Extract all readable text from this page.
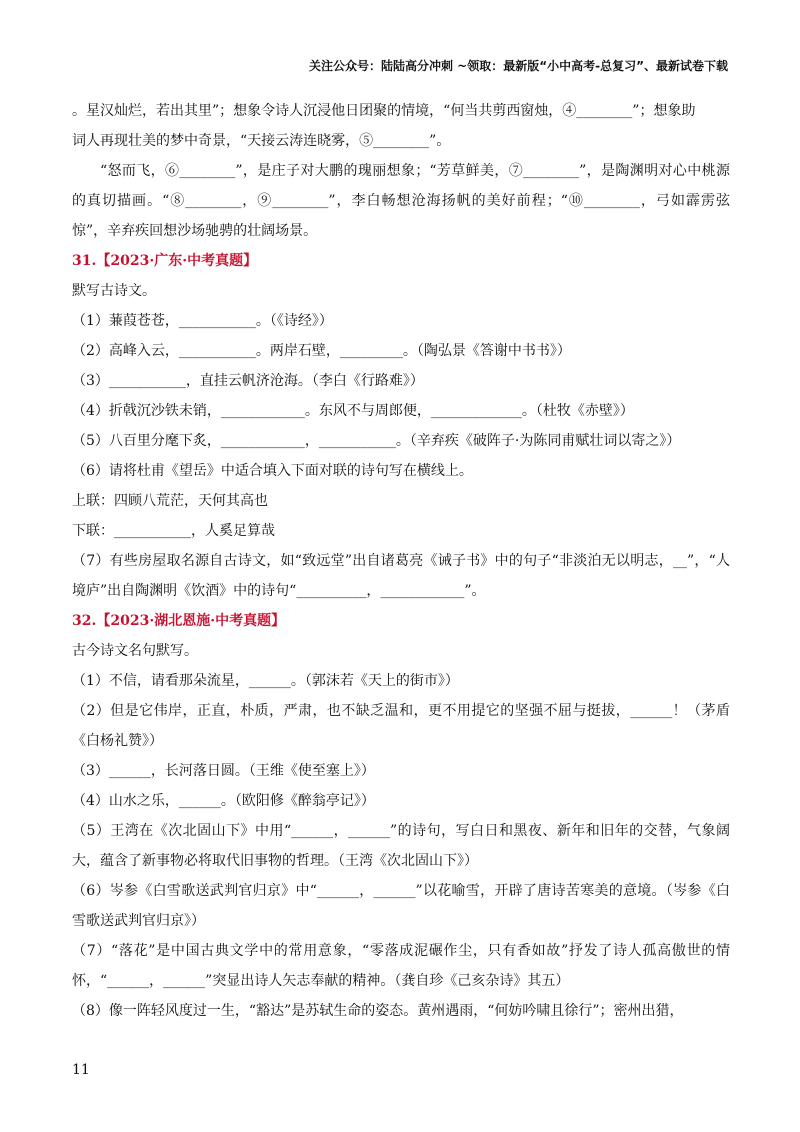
关注公众号：陆陆高分冲刺 ~领取：最新版“小中高考-总复习”、最新试卷下载
。星汉灿烂，若出其里”；想象令诗人沉浸他日团聚的情境，“何当共剪西窗烛，④________”；想象助
词人再现壮美的梦中奇景，“天接云涛连晓雾，⑤________”。
“怒而飞，⑥________”，是庄子对大鹏的瑰丽想象；“芳草鲜美，⑦________”，是陶渊明对心中桃源的真切描画。“⑧________，⑨________”，李白畅想沧海扬帆的美好前程；“⑩________，弓如霹雳弦惊”，辛弃疾回想沙场驰骋的壮阔场景。
31.【2023·广东·中考真题】
默写古诗文。
（1）蒹葭苍苍，___________。（《诗经》）
（2）高峰入云，___________。两岸石壁，_________。（陶弘景《答谢中书书》）
（3）___________，直挂云帆济沧海。（李白《行路难》）
（4）折戟沉沙铁未销，____________。东风不与周郎便，_____________。（杜牧《赤壁》）
（5）八百里分麾下炙，____________，___________。（辛弃疾《破阵子·为陈同甫赋壮词以寄之》）
（6）请将杜甫《望岳》中适合填入下面对联的诗句写在横线上。
上联：四顾八荒茫，天何其高也
下联：___________，人奚足算哉
（7）有些房屋取名源自古诗文，如“致远堂”出自诸葛亮《诫子书》中的句子“非淡泊无以明志，__”，“人境庐”出自陶渊明《饮酒》中的诗句“__________，____________”。
32.【2023·湖北恩施·中考真题】
古今诗文名句默写。
（1）不信，请看那朵流星，______。（郭沫若《天上的街市》）
（2）但是它伟岸，正直，朴质，严肃，也不缺乏温和，更不用提它的坚强不屈与挺拔，______！（茅盾《白杨礼赞》）
（3）______，长河落日圆。（王维《使至塞上》）
（4）山水之乐，______。（欧阳修《醉翁亭记》）
（5）王湾在《次北固山下》中用“______，______”的诗句，写白日和黑夜、新年和旧年的交替，气象阔大，蕴含了新事物必将取代旧事物的哲理。（王湾《次北固山下》）
（6）岑参《白雪歌送武判官归京》中“______，______”以花喻雪，开辟了唐诗苦寒美的意境。（岑参《白雪歌送武判官归京》）
（7）“落花”是中国古典文学中的常用意象，“零落成泥碾作尘，只有香如故”抒发了诗人孤高傲世的情怀，“______，______”突显出诗人矢志奉献的精神。（龚自珍《己亥杂诗》其五）
（8）像一阵轻风度过一生，“豁达”是苏轼生命的姿态。黄州遇雨，“何妨吟啸且徐行”；密州出猎，
11
